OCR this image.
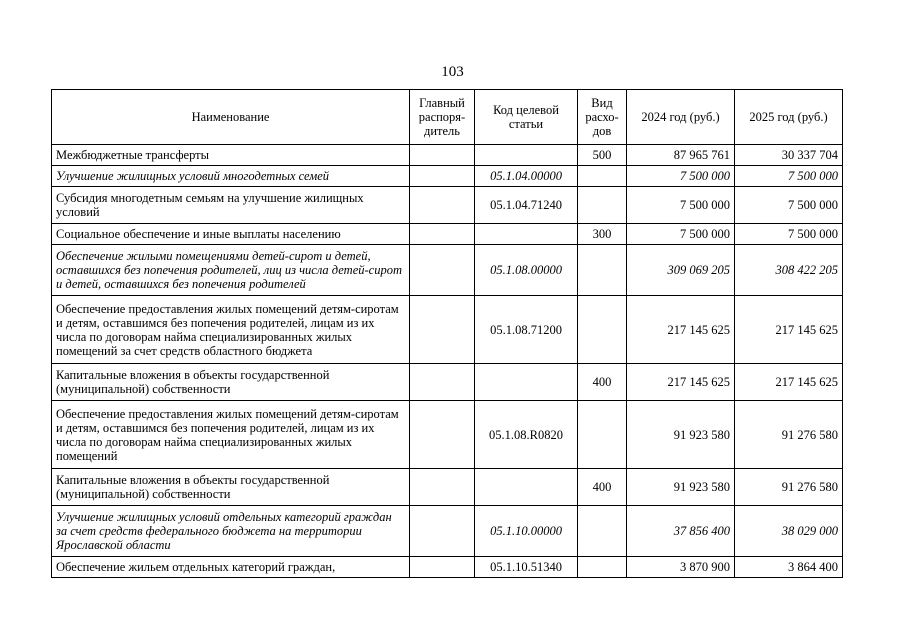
103
Наименование	Главный распоря-дитель	Код целевой статьи	Вид расхо-дов	2024 год (руб.)	2025 год (руб.)
Межбюджетные трансферты			500	87 965 761	30 337 704
Улучшение жилищных условий многодетных семей		05.1.04.00000		7 500 000	7 500 000
Субсидия многодетным семьям на улучшение жилищных условий		05.1.04.71240		7 500 000	7 500 000
Социальное обеспечение и иные выплаты населению			300	7 500 000	7 500 000
Обеспечение жилыми помещениями детей-сирот и детей, оставшихся без попечения родителей, лиц из числа детей-сирот и детей, оставшихся без попечения родителей		05.1.08.00000		309 069 205	308 422 205
Обеспечение предоставления жилых помещений детям-сиротам и детям, оставшимся без попечения родителей, лицам из их числа по договорам найма специализированных жилых помещений за счет средств областного бюджета		05.1.08.71200		217 145 625	217 145 625
Капитальные вложения в объекты государственной (муниципальной) собственности			400	217 145 625	217 145 625
Обеспечение предоставления жилых помещений детям-сиротам и детям, оставшимся без попечения родителей, лицам из их числа по договорам найма специализированных жилых помещений		05.1.08.R0820		91 923 580	91 276 580
Капитальные вложения в объекты государственной (муниципальной) собственности			400	91 923 580	91 276 580
Улучшение жилищных условий отдельных категорий граждан за счет средств федерального бюджета на территории Ярославской области		05.1.10.00000		37 856 400	38 029 000
Обеспечение жильем отдельных категорий граждан,		05.1.10.51340		3 870 900	3 864 400
